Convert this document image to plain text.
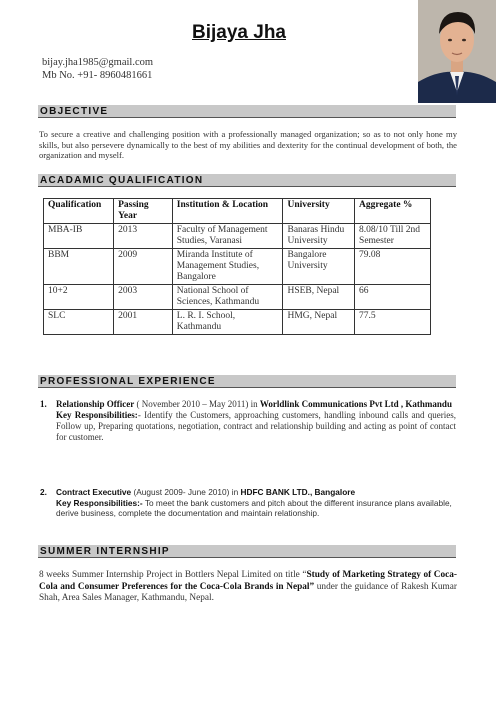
Bijaya Jha
bijay.jha1985@gmail.com
Mb No. +91- 8960481661
OBJECTIVE
To secure a creative and challenging position with a professionally managed organization; so as to not only hone my skills, but also persevere dynamically to the best of my abilities and dexterity for the continual development of both, the organization and myself.
ACADAMIC QUALIFICATION
Qualification	Passing Year	Institution & Location	University	Aggregate %
MBA-IB	2013	Faculty of Management Studies, Varanasi	Banaras Hindu University	8.08/10 Till 2nd Semester
BBM	2009	Miranda Institute of Management Studies, Bangalore	Bangalore University	79.08
10+2	2003	National School of Sciences, Kathmandu	HSEB, Nepal	66
SLC	2001	L. R. I. School, Kathmandu	HMG, Nepal	77.5
PROFESSIONAL EXPERIENCE
1. Relationship Officer ( November 2010 – May 2011) in Worldlink Communications Pvt Ltd , Kathmandu
Key Responsibilities:- Identify the Customers, approaching customers, handling inbound calls and queries, Follow up, Preparing quotations, negotiation, contract and relationship building and acting as point of contact for customer.
2. Contract Executive (August 2009- June 2010) in HDFC BANK LTD., Bangalore
Key Responsibilities:- To meet the bank customers and pitch about the different insurance plans available, derive business, complete the documentation and maintain relationship.
SUMMER INTERNSHIP
8 weeks Summer Internship Project in Bottlers Nepal Limited on title “Study of Marketing Strategy of Coca-Cola and Consumer Preferences for the Coca-Cola Brands in Nepal” under the guidance of Rakesh Kumar Shah, Area Sales Manager, Kathmandu, Nepal.
